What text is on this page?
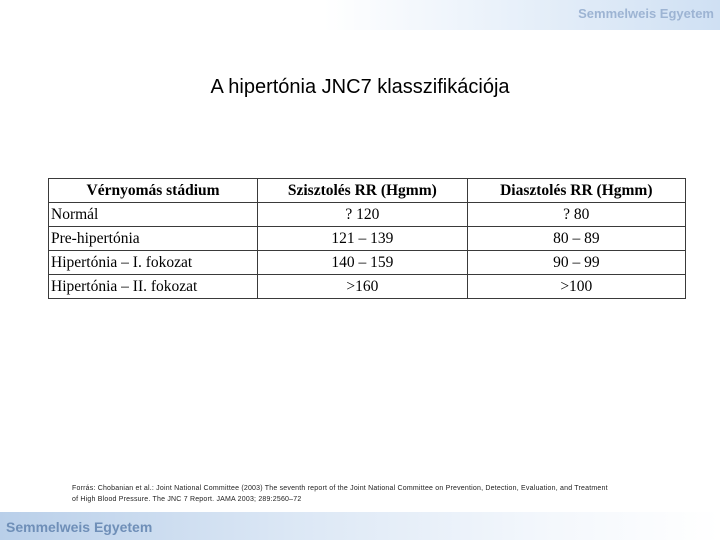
Semmelweis Egyetem
A hipertónia JNC7 klasszifikációja
Vérnyomás stádium	Szisztolés RR (Hgmm)	Diasztolés RR (Hgmm)
Normál	? 120	? 80
Pre-hipertónia	121 – 139	80 – 89
Hipertónia – I. fokozat	140 – 159	90 – 99
Hipertónia – II. fokozat	>160	>100
Forrás: Chobanian et al.: Joint National Committee (2003) The seventh report of the Joint National Committee on Prevention, Detection, Evaluation, and Treatment
of High Blood Pressure. The JNC 7 Report. JAMA 2003; 289:2560–72
Semmelweis Egyetem
